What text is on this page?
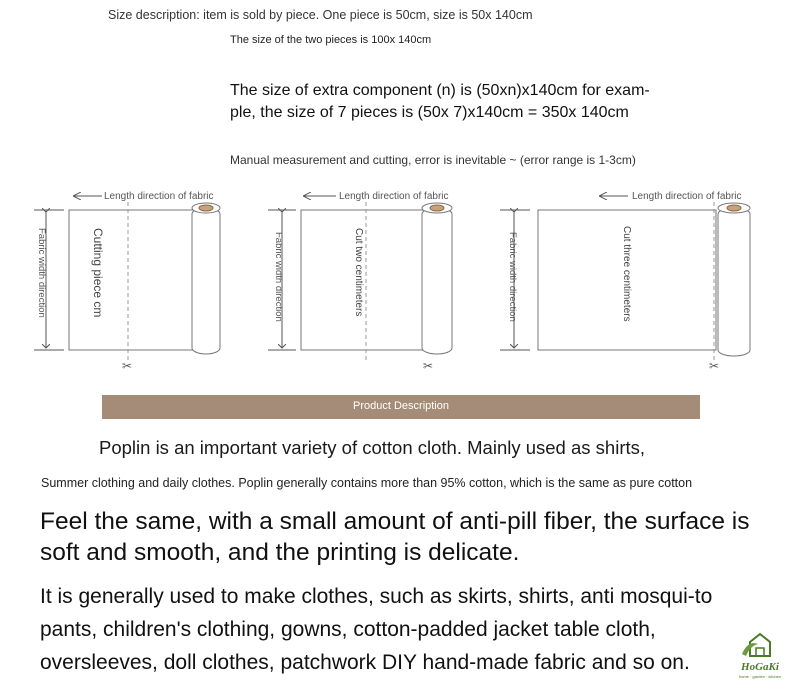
Size description: item is sold by piece. One piece is 50cm, size is 50x 140cm
The size of the two pieces is 100x 140cm
The size of extra component (n) is (50xn)x140cm for exam-
ple, the size of 7 pieces is (50x 7)x140cm = 350x 140cm
Manual measurement and cutting, error is inevitable ~ (error range is 1-3cm)
Length direction of fabric
Fabric width direction	Cutting piece cm
✂
Length direction of fabric
Fabric width direction	Cut two centimeters
✂
Length direction of fabric
Fabric width direction	Cut three centimeters
✂
Product Description
Poplin is an important variety of cotton cloth. Mainly used as shirts,
Summer clothing and daily clothes. Poplin generally contains more than 95% cotton, which is the same as pure cotton
Feel the same, with a small amount of anti-pill fiber, the surface is soft and smooth, and the printing is delicate.
It is generally used to make clothes, such as skirts, shirts, anti mosqui-to pants, children's clothing, gowns, cotton-padded jacket table cloth, oversleeves, doll clothes, patchwork DIY hand-made fabric and so on.	HoGaKi
home · garden · kitchen
